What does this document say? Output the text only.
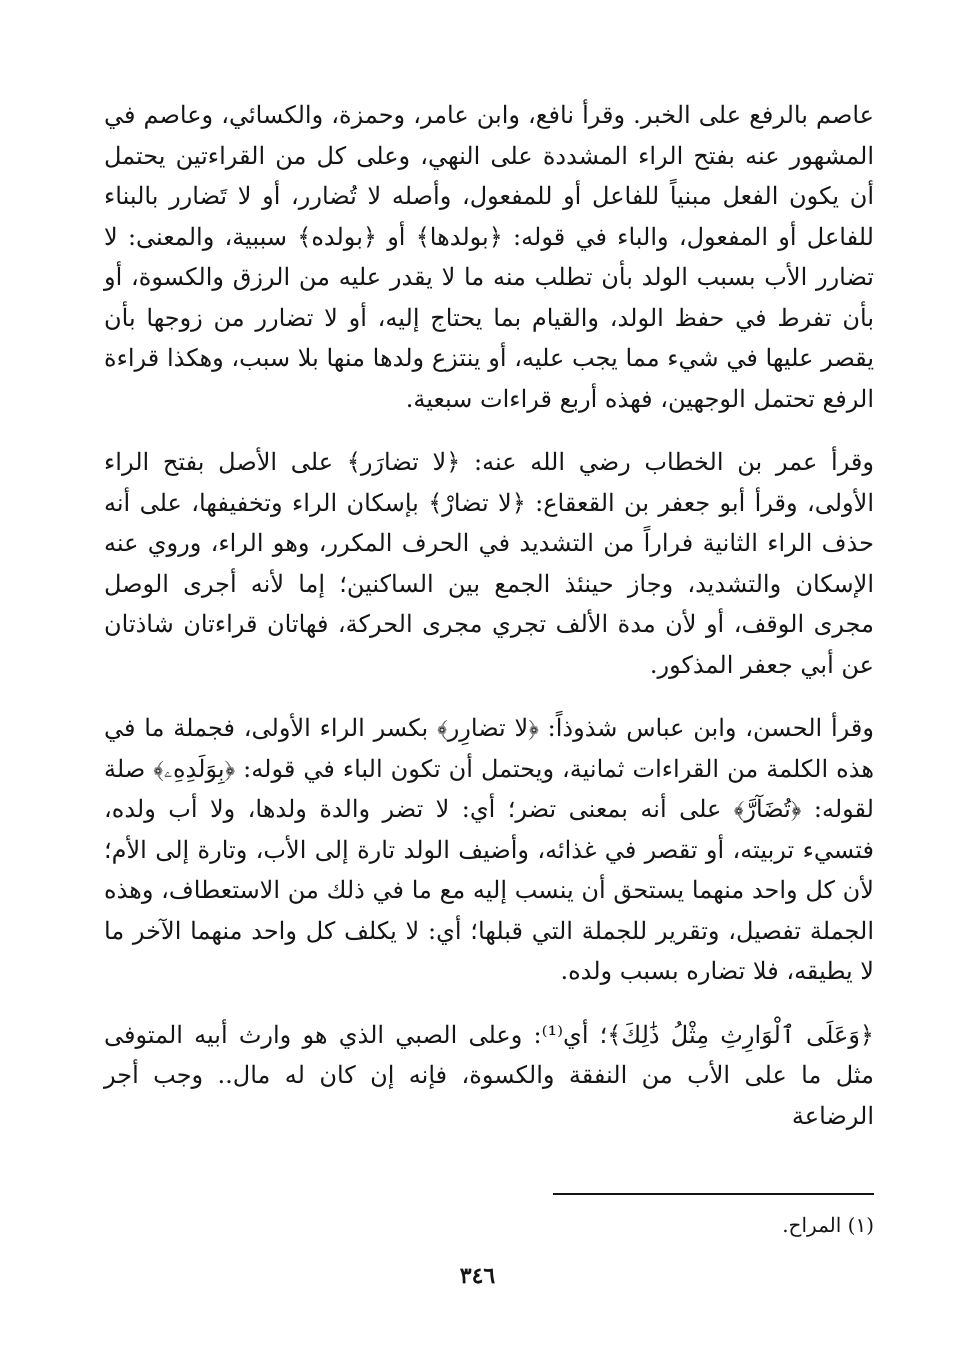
عاصم بالرفع على الخبر. وقرأ نافع، وابن عامر، وحمزة، والكسائي، وعاصم في المشهور عنه بفتح الراء المشددة على النهي، وعلى كل من القراءتين يحتمل أن يكون الفعل مبنياً للفاعل أو للمفعول، وأصله لا تُضارر، أو لا تَضارر بالبناء للفاعل أو المفعول، والباء في قوله: ﴿بولدها﴾ أو ﴿بولده﴾ سببية، والمعنى: لا تضارر الأب بسبب الولد بأن تطلب منه ما لا يقدر عليه من الرزق والكسوة، أو بأن تفرط في حفظ الولد، والقيام بما يحتاج إليه، أو لا تضارر من زوجها بأن يقصر عليها في شيء مما يجب عليه، أو ينتزع ولدها منها بلا سبب، وهكذا قراءة الرفع تحتمل الوجهين، فهذه أربع قراءات سبعية.

وقرأ عمر بن الخطاب رضي الله عنه: ﴿لا تضارَر﴾ على الأصل بفتح الراء الأولى، وقرأ أبو جعفر بن القعقاع: ﴿لا تضارْ﴾ بإسكان الراء وتخفيفها، على أنه حذف الراء الثانية فراراً من التشديد في الحرف المكرر، وهو الراء، وروي عنه الإسكان والتشديد، وجاز حينئذ الجمع بين الساكنين؛ إما لأنه أجرى الوصل مجرى الوقف، أو لأن مدة الألف تجري مجرى الحركة، فهاتان قراءتان شاذتان عن أبي جعفر المذكور.

وقرأ الحسن، وابن عباس شذوذاً: ﴿لا تضارِر﴾ بكسر الراء الأولى، فجملة ما في هذه الكلمة من القراءات ثمانية، ويحتمل أن تكون الباء في قوله: ﴿بِوَلَدِهِۦ﴾ صلة لقوله: ﴿تُضَآرَّ﴾ على أنه بمعنى تضر؛ أي: لا تضر والدة ولدها، ولا أب ولده، فتسيء تربيته، أو تقصر في غذائه، وأضيف الولد تارة إلى الأب، وتارة إلى الأم؛ لأن كل واحد منهما يستحق أن ينسب إليه مع ما في ذلك من الاستعطاف، وهذه الجملة تفصيل، وتقرير للجملة التي قبلها؛ أي: لا يكلف كل واحد منهما الآخر ما لا يطيقه، فلا تضاره بسبب ولده.

﴿وَعَلَى ٱلْوَارِثِ مِثْلُ ذَٰلِكَ﴾؛ أي⁽¹⁾: وعلى الصبي الذي هو وارث أبيه المتوفى مثل ما على الأب من النفقة والكسوة، فإنه إن كان له مال.. وجب أجر الرضاعة

(١) المراح.
٣٤٦
